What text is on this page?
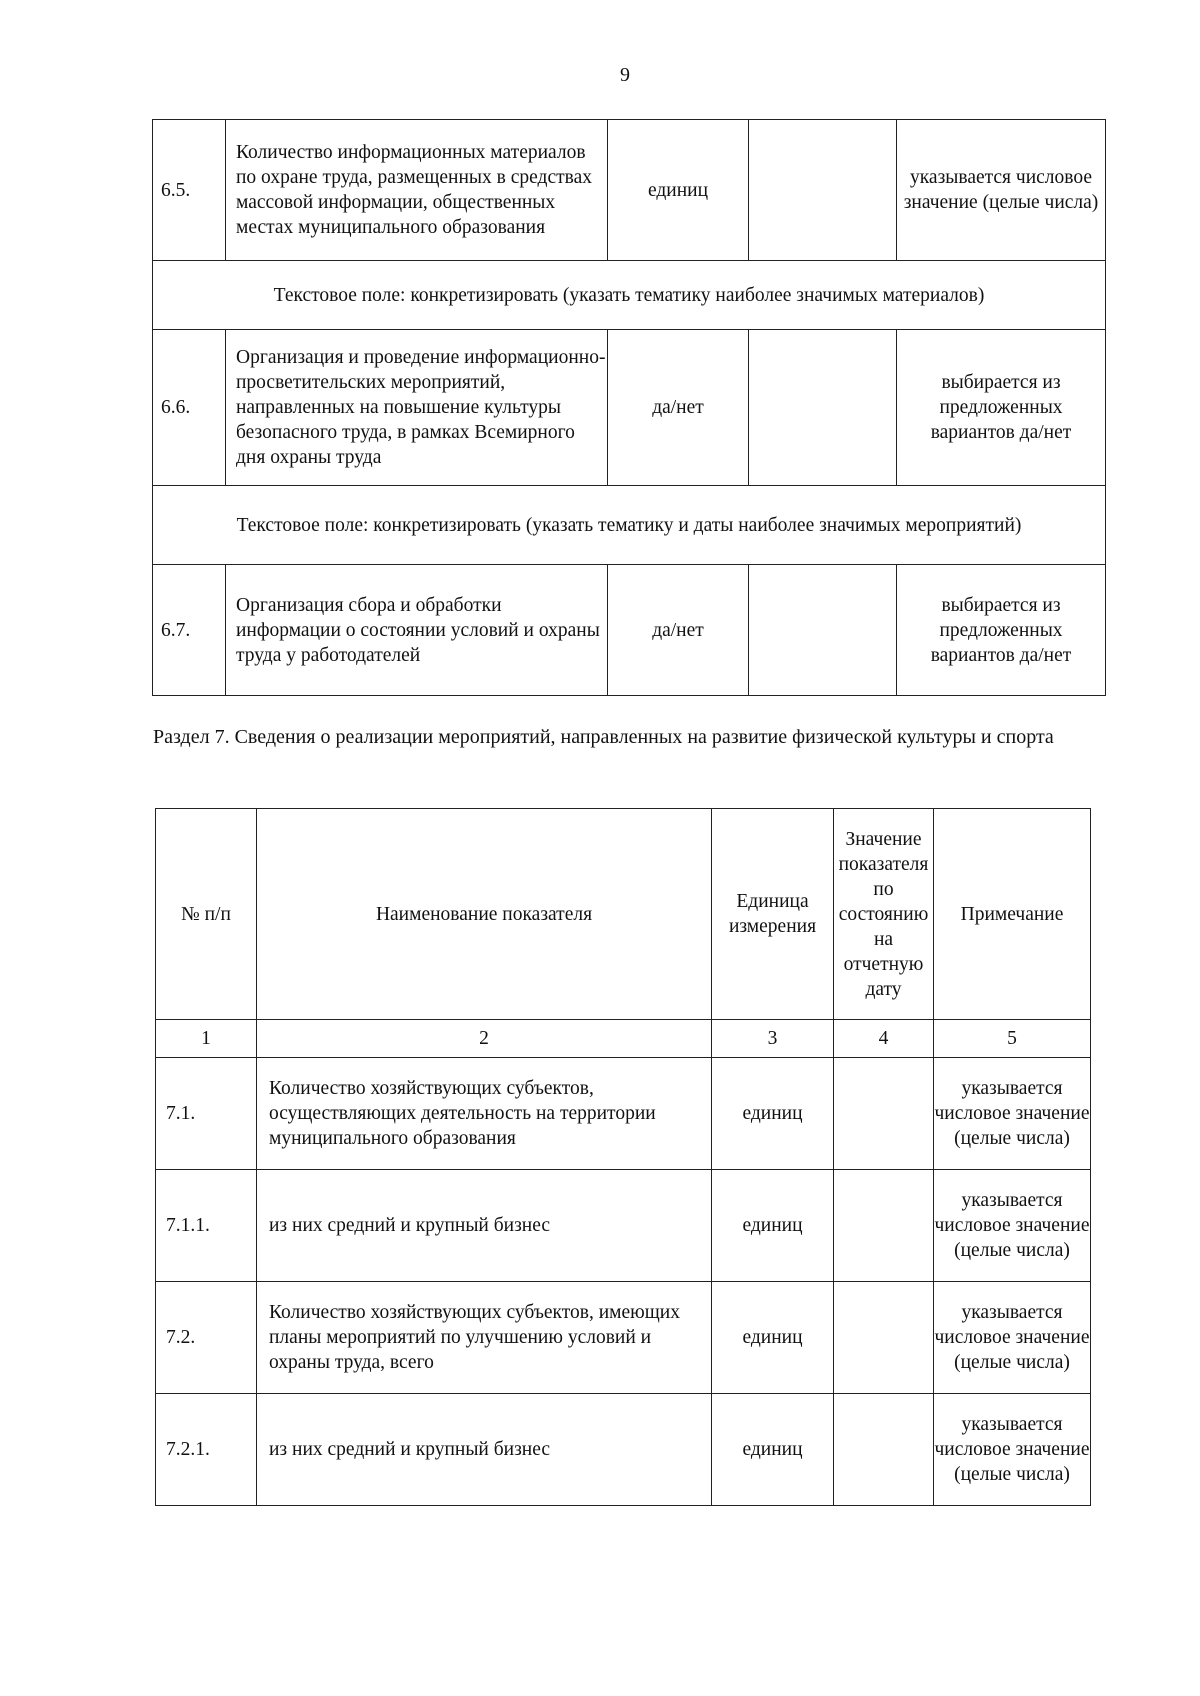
9
6.5.	Количество информационных материалов по охране труда, размещенных в средствах массовой информации, общественных местах муниципального образования	единиц		указывается числовое значение (целые числа)
Текстовое поле: конкретизировать (указать тематику наиболее значимых материалов)				
6.6.	Организация и проведение информационно-просветительских мероприятий, направленных на повышение культуры безопасного труда, в рамках Всемирного дня охраны труда	да/нет		выбирается из предложенных вариантов да/нет
Текстовое поле: конкретизировать (указать тематику и даты наиболее значимых мероприятий)				
6.7.	Организация сбора и обработки информации о состоянии условий и охраны труда у работодателей	да/нет		выбирается из предложенных вариантов да/нет
Раздел 7. Сведения о реализации мероприятий, направленных на развитие физической культуры и спорта
№ п/п	Наименование показателя	Единица измерения	Значение показателя по состоянию на отчетную дату	Примечание
1	2	3	4	5
7.1.	Количество хозяйствующих субъектов, осуществляющих деятельность на территории муниципального образования	единиц		указывается числовое значение (целые числа)
7.1.1.	из них средний и крупный бизнес	единиц		указывается числовое значение (целые числа)
7.2.	Количество хозяйствующих субъектов, имеющих планы мероприятий по улучшению условий и охраны труда, всего	единиц		указывается числовое значение (целые числа)
7.2.1.	из них средний и крупный бизнес	единиц		указывается числовое значение (целые числа)
